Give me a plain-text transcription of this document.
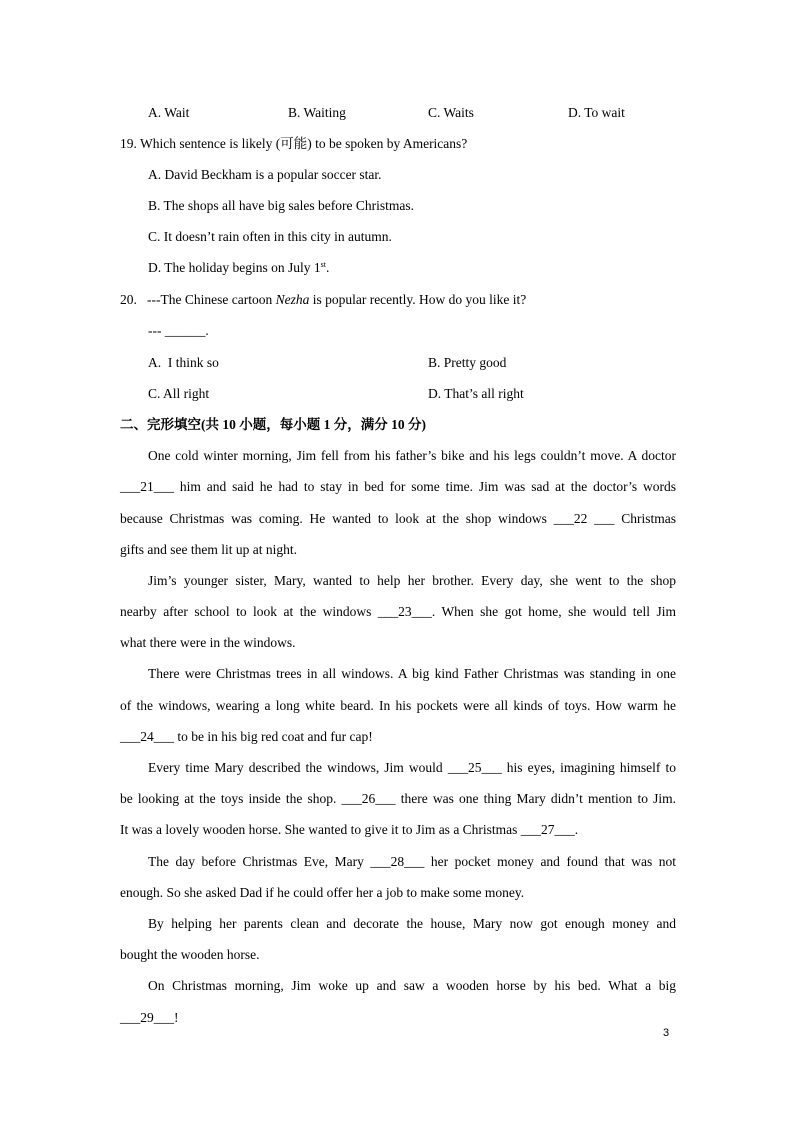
A. Wait	B. Waiting	C. Waits	D. To wait
19. Which sentence is likely (可能) to be spoken by Americans?
A. David Beckham is a popular soccer star.
B. The shops all have big sales before Christmas.
C. It doesn’t rain often in this city in autumn.
D. The holiday begins on July 1st.
20.   ---The Chinese cartoon Nezha is popular recently. How do you like it?
--- ______.
A.  I think so	B. Pretty good
C. All right	D. That’s all right
二、完形填空(共 10 小题，每小题 1 分，满分 10 分)
One cold winter morning, Jim fell from his father’s bike and his legs couldn’t move. A doctor
___21___ him and said he had to stay in bed for some time. Jim was sad at the doctor’s words
because Christmas was coming. He wanted to look at the shop windows ___22 ___ Christmas
gifts and see them lit up at night.
Jim’s younger sister, Mary, wanted to help her brother. Every day, she went to the shop
nearby after school to look at the windows ___23___. When she got home, she would tell Jim
what there were in the windows.
There were Christmas trees in all windows. A big kind Father Christmas was standing in one
of the windows, wearing a long white beard. In his pockets were all kinds of toys. How warm he
___24___ to be in his big red coat and fur cap!
Every time Mary described the windows, Jim would ___25___ his eyes, imagining himself to
be looking at the toys inside the shop. ___26___ there was one thing Mary didn’t mention to Jim.
It was a lovely wooden horse. She wanted to give it to Jim as a Christmas ___27___.
The day before Christmas Eve, Mary ___28___ her pocket money and found that was not
enough. So she asked Dad if he could offer her a job to make some money.
By helping her parents clean and decorate the house, Mary now got enough money and
bought the wooden horse.
On Christmas morning, Jim woke up and saw a wooden horse by his bed. What a big
___29___!
3
